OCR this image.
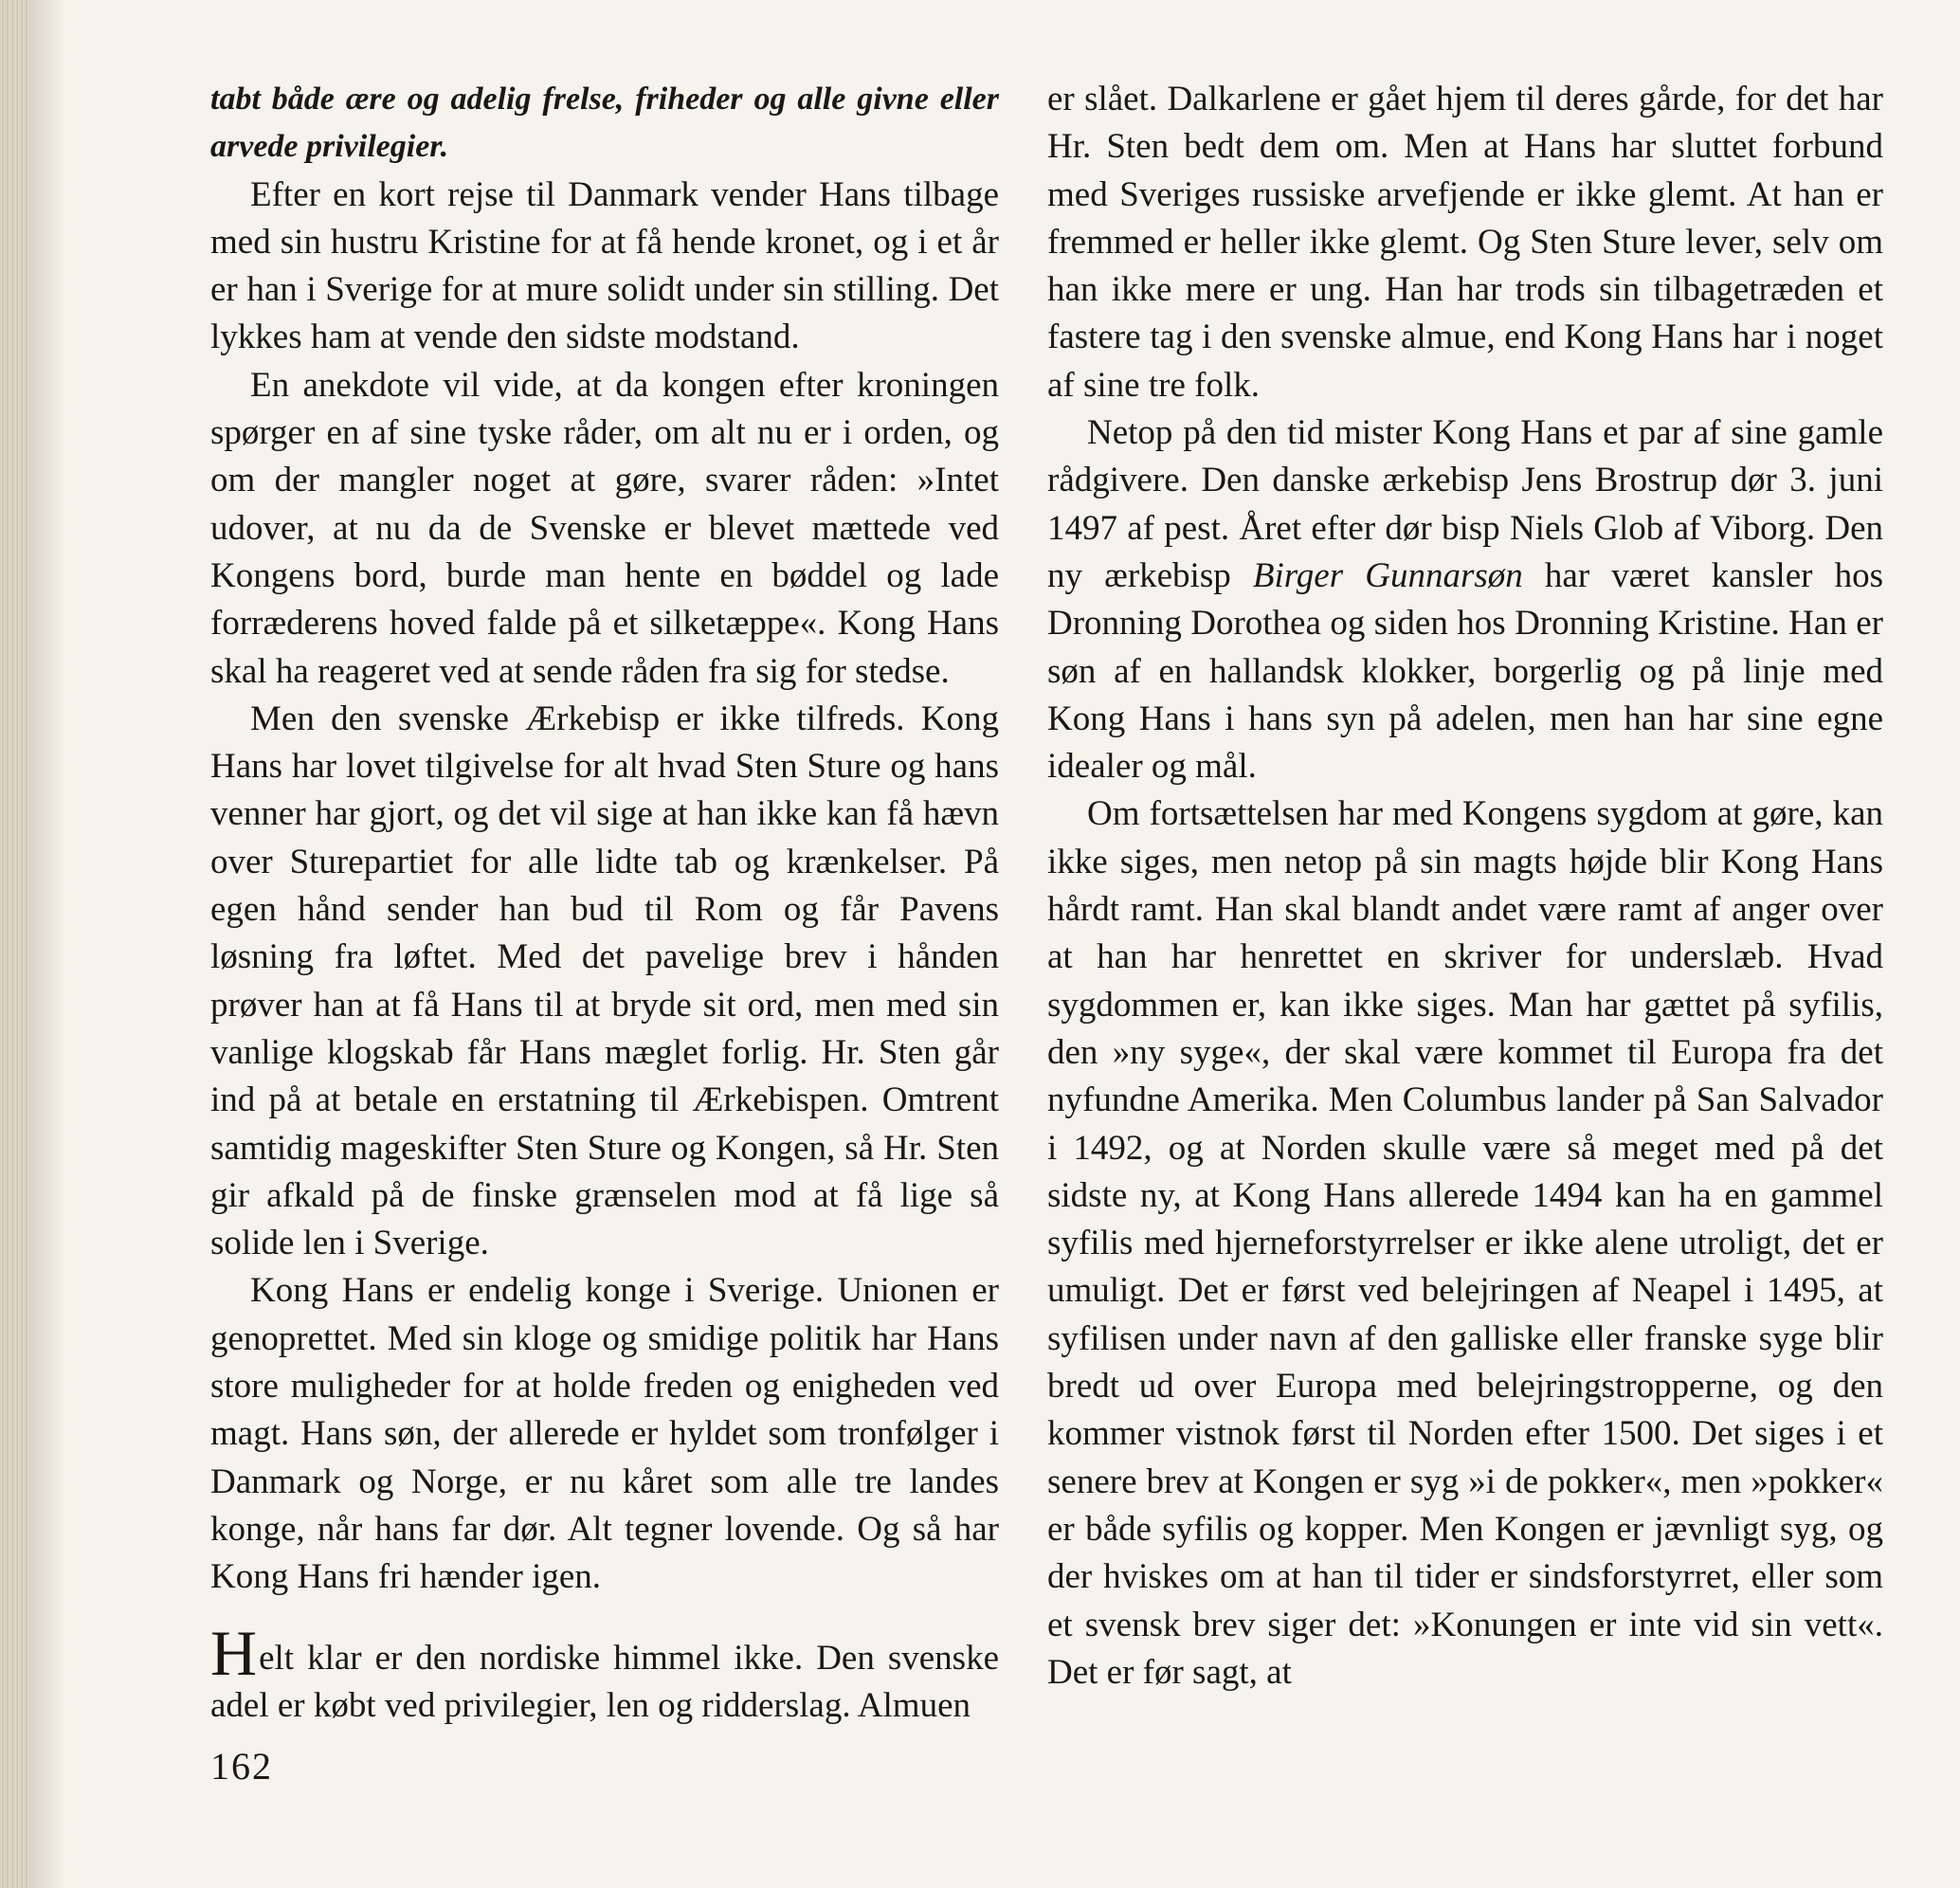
tabt både ære og adelig frelse, friheder og alle givne eller arvede privilegier.

Efter en kort rejse til Danmark vender Hans tilbage med sin hustru Kristine for at få hende kronet, og i et år er han i Sverige for at mure solidt under sin stilling. Det lykkes ham at vende den sidste modstand.

En anekdote vil vide, at da kongen efter kroningen spørger en af sine tyske råder, om alt nu er i orden, og om der mangler noget at gøre, svarer råden: »Intet udover, at nu da de Svenske er blevet mættede ved Kongens bord, burde man hente en bøddel og lade forræderens hoved falde på et silketæppe«. Kong Hans skal ha reageret ved at sende råden fra sig for stedse.

Men den svenske Ærkebisp er ikke tilfreds. Kong Hans har lovet tilgivelse for alt hvad Sten Sture og hans venner har gjort, og det vil sige at han ikke kan få hævn over Sturepartiet for alle lidte tab og krænkelser. På egen hånd sender han bud til Rom og får Pavens løsning fra løftet. Med det pavelige brev i hånden prøver han at få Hans til at bryde sit ord, men med sin vanlige klogskab får Hans mæglet forlig. Hr. Sten går ind på at betale en erstatning til Ærkebispen. Omtrent samtidig mageskifter Sten Sture og Kongen, så Hr. Sten gir afkald på de finske grænselen mod at få lige så solide len i Sverige.

Kong Hans er endelig konge i Sverige. Unionen er genoprettet. Med sin kloge og smidige politik har Hans store muligheder for at holde freden og enigheden ved magt. Hans søn, der allerede er hyldet som tronfølger i Danmark og Norge, er nu kåret som alle tre landes konge, når hans far dør. Alt tegner lovende. Og så har Kong Hans fri hænder igen.

Helt klar er den nordiske himmel ikke. Den svenske adel er købt ved privilegier, len og ridderslag. Almuen

er slået. Dalkarlene er gået hjem til deres gårde, for det har Hr. Sten bedt dem om. Men at Hans har sluttet forbund med Sveriges russiske arvefjende er ikke glemt. At han er fremmed er heller ikke glemt. Og Sten Sture lever, selv om han ikke mere er ung. Han har trods sin tilbagetræden et fastere tag i den svenske almue, end Kong Hans har i noget af sine tre folk.

Netop på den tid mister Kong Hans et par af sine gamle rådgivere. Den danske ærkebisp Jens Brostrup dør 3. juni 1497 af pest. Året efter dør bisp Niels Glob af Viborg. Den ny ærkebisp Birger Gunnarsøn har været kansler hos Dronning Dorothea og siden hos Dronning Kristine. Han er søn af en hallandsk klokker, borgerlig og på linje med Kong Hans i hans syn på adelen, men han har sine egne idealer og mål.

Om fortsættelsen har med Kongens sygdom at gøre, kan ikke siges, men netop på sin magts højde blir Kong Hans hårdt ramt. Han skal blandt andet være ramt af anger over at han har henrettet en skriver for underslæb. Hvad sygdommen er, kan ikke siges. Man har gættet på syfilis, den »ny syge«, der skal være kommet til Europa fra det nyfundne Amerika. Men Columbus lander på San Salvador i 1492, og at Norden skulle være så meget med på det sidste ny, at Kong Hans allerede 1494 kan ha en gammel syfilis med hjerneforstyrrelser er ikke alene utroligt, det er umuligt. Det er først ved belejringen af Neapel i 1495, at syfilisen under navn af den galliske eller franske syge blir bredt ud over Europa med belejringstropperne, og den kommer vistnok først til Norden efter 1500. Det siges i et senere brev at Kongen er syg »i de pokker«, men »pokker« er både syfilis og kopper. Men Kongen er jævnligt syg, og der hviskes om at han til tider er sindsforstyrret, eller som et svensk brev siger det: »Konungen er inte vid sin vett«. Det er før sagt, at

162
